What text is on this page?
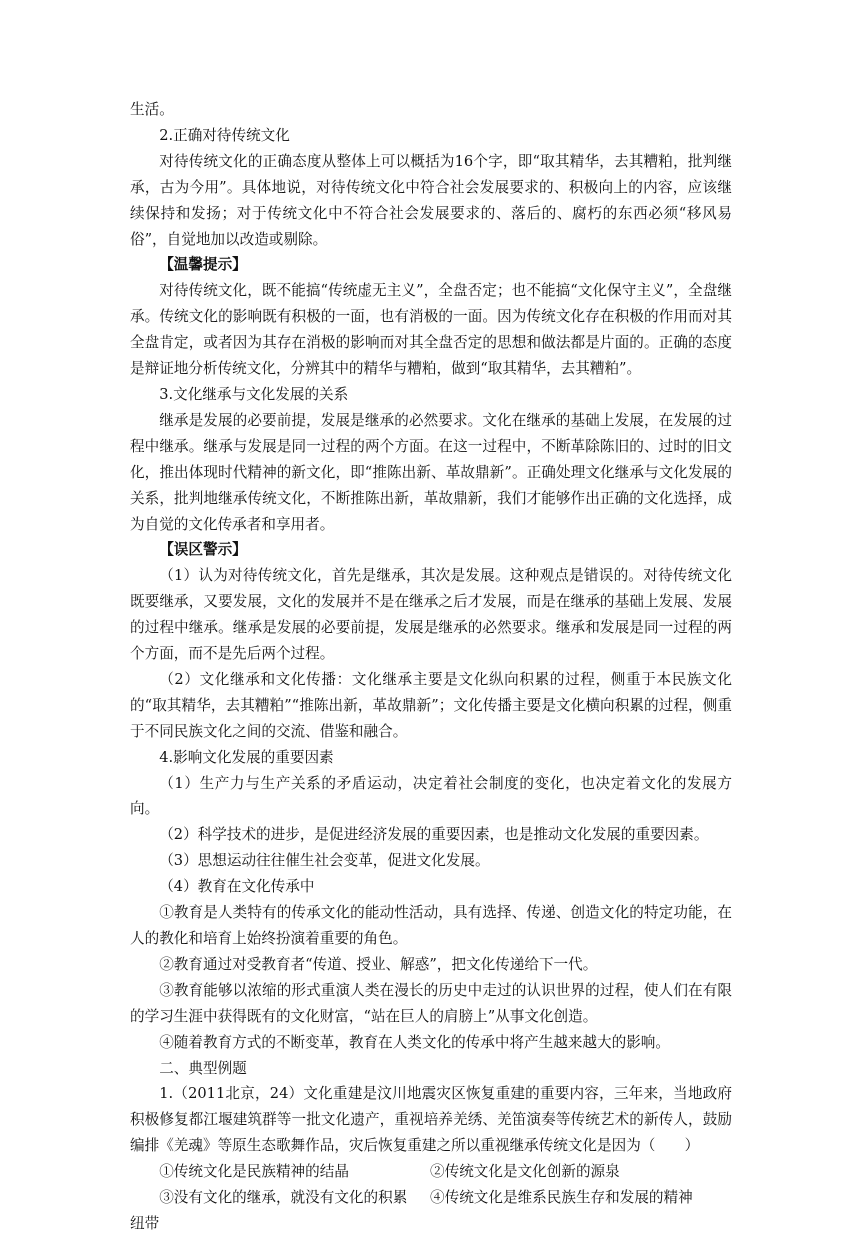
生活。

2.正确对待传统文化

对待传统文化的正确态度从整体上可以概括为16个字，即“取其精华，去其糟粕，批判继承，古为今用”。具体地说，对待传统文化中符合社会发展要求的、积极向上的内容，应该继续保持和发扬；对于传统文化中不符合社会发展要求的、落后的、腐朽的东西必须“移风易俗”，自觉地加以改造或剔除。

【温馨提示】

对待传统文化，既不能搞“传统虚无主义”，全盘否定；也不能搞“文化保守主义”，全盘继承。传统文化的影响既有积极的一面，也有消极的一面。因为传统文化存在积极的作用而对其全盘肯定，或者因为其存在消极的影响而对其全盘否定的思想和做法都是片面的。正确的态度是辩证地分析传统文化，分辨其中的精华与糟粕，做到“取其精华，去其糟粕”。

3.文化继承与文化发展的关系

继承是发展的必要前提，发展是继承的必然要求。文化在继承的基础上发展，在发展的过程中继承。继承与发展是同一过程的两个方面。在这一过程中，不断革除陈旧的、过时的旧文化，推出体现时代精神的新文化，即“推陈出新、革故鼎新”。正确处理文化继承与文化发展的关系，批判地继承传统文化，不断推陈出新，革故鼎新，我们才能够作出正确的文化选择，成为自觉的文化传承者和享用者。

【误区警示】

（1）认为对待传统文化，首先是继承，其次是发展。这种观点是错误的。对待传统文化既要继承，又要发展，文化的发展并不是在继承之后才发展，而是在继承的基础上发展、发展的过程中继承。继承是发展的必要前提，发展是继承的必然要求。继承和发展是同一过程的两个方面，而不是先后两个过程。

（2）文化继承和文化传播：文化继承主要是文化纵向积累的过程，侧重于本民族文化的“取其精华，去其糟粕”“推陈出新，革故鼎新”；文化传播主要是文化横向积累的过程，侧重于不同民族文化之间的交流、借鉴和融合。

4.影响文化发展的重要因素

（1）生产力与生产关系的矛盾运动，决定着社会制度的变化，也决定着文化的发展方向。

（2）科学技术的进步，是促进经济发展的重要因素，也是推动文化发展的重要因素。

（3）思想运动往往催生社会变革，促进文化发展。

（4）教育在文化传承中

①教育是人类特有的传承文化的能动性活动，具有选择、传递、创造文化的特定功能，在人的教化和培育上始终扮演着重要的角色。

②教育通过对受教育者“传道、授业、解惑”，把文化传递给下一代。

③教育能够以浓缩的形式重演人类在漫长的历史中走过的认识世界的过程，使人们在有限的学习生涯中获得既有的文化财富，“站在巨人的肩膀上”从事文化创造。

④随着教育方式的不断变革，教育在人类文化的传承中将产生越来越大的影响。

二、典型例题

1.（2011北京，24）文化重建是汶川地震灾区恢复重建的重要内容，三年来，当地政府积极修复都江堰建筑群等一批文化遗产，重视培养羌绣、羌笛演奏等传统艺术的新传人，鼓励编排《羌魂》等原生态歌舞作品，灾后恢复重建之所以重视继承传统文化是因为（　　）

①传统文化是民族精神的结晶	②传统文化是文化创新的源泉
③没有文化的继承，就没有文化的积累	④传统文化是维系民族生存和发展的精神

纽带
